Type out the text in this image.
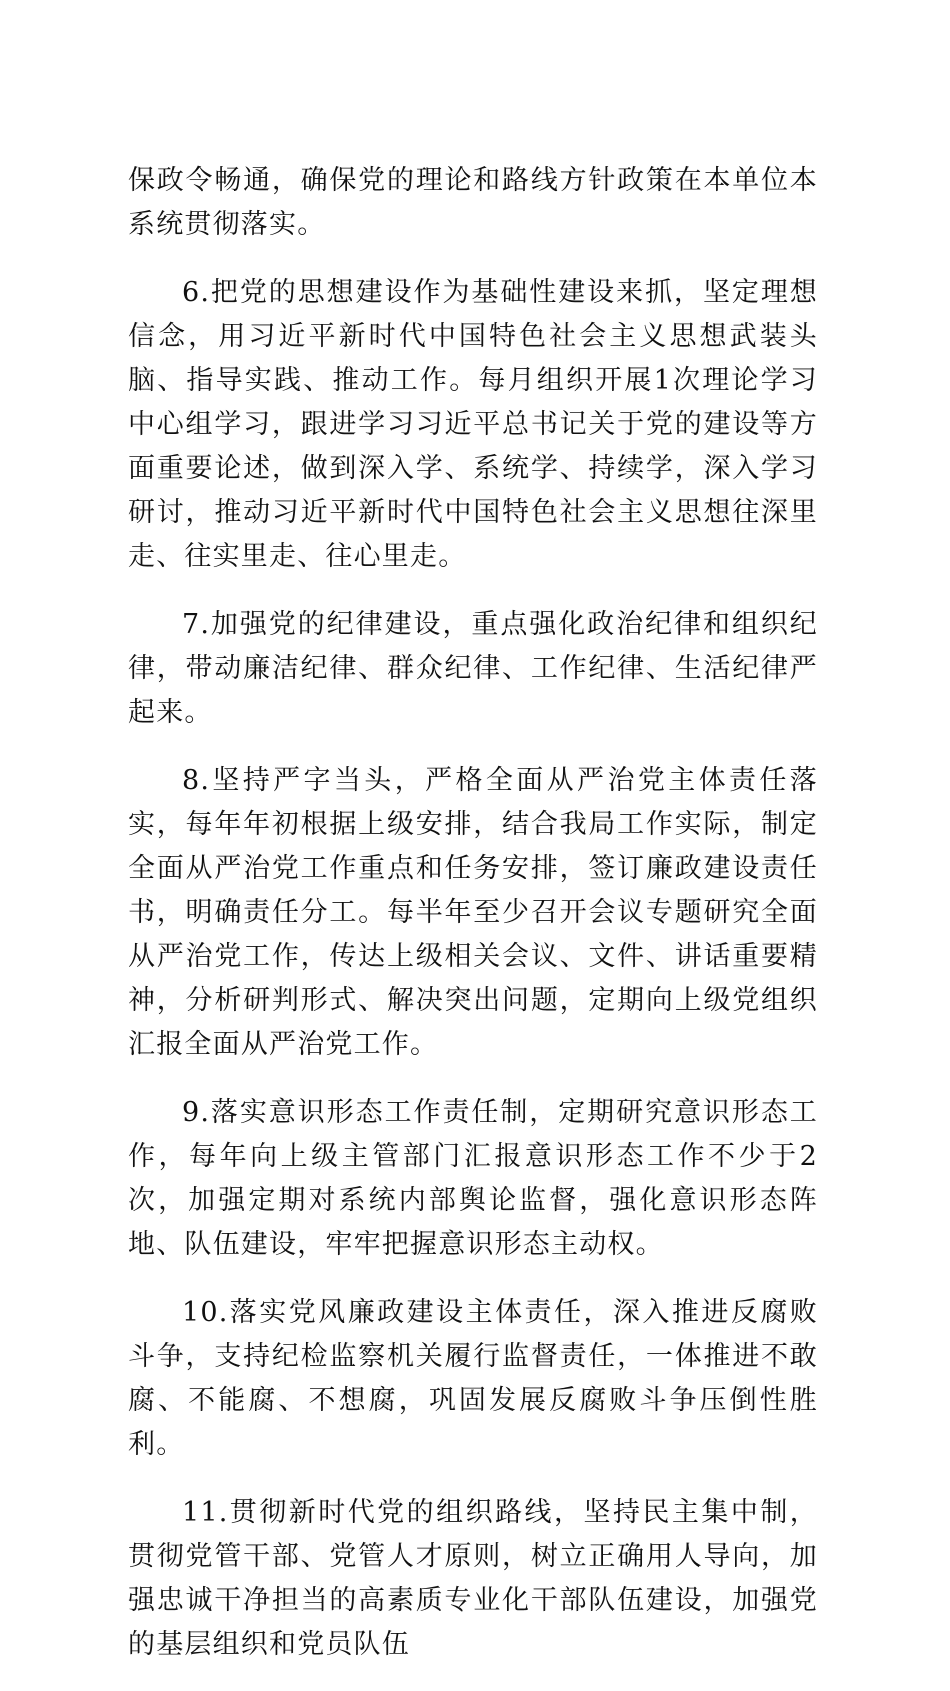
保政令畅通，确保党的理论和路线方针政策在本单位本系统贯彻落实。

6.把党的思想建设作为基础性建设来抓，坚定理想信念，用习近平新时代中国特色社会主义思想武装头脑、指导实践、推动工作。每月组织开展1次理论学习中心组学习，跟进学习习近平总书记关于党的建设等方面重要论述，做到深入学、系统学、持续学，深入学习研讨，推动习近平新时代中国特色社会主义思想往深里走、往实里走、往心里走。

7.加强党的纪律建设，重点强化政治纪律和组织纪律，带动廉洁纪律、群众纪律、工作纪律、生活纪律严起来。

8.坚持严字当头，严格全面从严治党主体责任落实，每年年初根据上级安排，结合我局工作实际，制定全面从严治党工作重点和任务安排，签订廉政建设责任书，明确责任分工。每半年至少召开会议专题研究全面从严治党工作，传达上级相关会议、文件、讲话重要精神，分析研判形式、解决突出问题，定期向上级党组织汇报全面从严治党工作。

9.落实意识形态工作责任制，定期研究意识形态工作，每年向上级主管部门汇报意识形态工作不少于2次，加强定期对系统内部舆论监督，强化意识形态阵地、队伍建设，牢牢把握意识形态主动权。

10.落实党风廉政建设主体责任，深入推进反腐败斗争，支持纪检监察机关履行监督责任，一体推进不敢腐、不能腐、不想腐，巩固发展反腐败斗争压倒性胜利。

11.贯彻新时代党的组织路线，坚持民主集中制，贯彻党管干部、党管人才原则，树立正确用人导向，加强忠诚干净担当的高素质专业化干部队伍建设，加强党的基层组织和党员队伍
